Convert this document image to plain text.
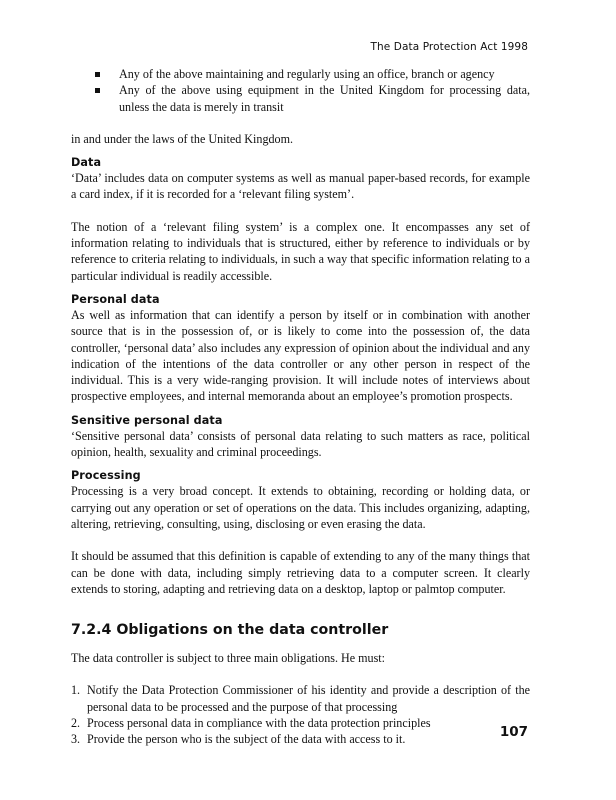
The Data Protection Act 1998
Any of the above maintaining and regularly using an office, branch or agency
Any of the above using equipment in the United Kingdom for processing data, unless the data is merely in transit

in and under the laws of the United Kingdom.

Data

‘Data’ includes data on computer systems as well as manual paper-based records, for example a card index, if it is recorded for a ‘relevant filing system’.

The notion of a ‘relevant filing system’ is a complex one. It encompasses any set of information relating to individuals that is structured, either by reference to individuals or by reference to criteria relating to individuals, in such a way that specific information relating to a particular individual is readily accessible.

Personal data

As well as information that can identify a person by itself or in combination with another source that is in the possession of, or is likely to come into the possession of, the data controller, ‘personal data’ also includes any expression of opinion about the individual and any indication of the intentions of the data controller or any other person in respect of the individual. This is a very wide-ranging provision. It will include notes of interviews about prospective employees, and internal memoranda about an employee’s promotion prospects.

Sensitive personal data

‘Sensitive personal data’ consists of personal data relating to such matters as race, political opinion, health, sexuality and criminal proceedings.

Processing

Processing is a very broad concept. It extends to obtaining, recording or holding data, or carrying out any operation or set of operations on the data. This includes organizing, adapting, altering, retrieving, consulting, using, disclosing or even erasing the data.

It should be assumed that this definition is capable of extending to any of the many things that can be done with data, including simply retrieving data to a computer screen. It clearly extends to storing, adapting and retrieving data on a desktop, laptop or palmtop computer.

7.2.4 Obligations on the data controller

The data controller is subject to three main obligations. He must:

1. Notify the Data Protection Commissioner of his identity and provide a description of the personal data to be processed and the purpose of that processing
2. Process personal data in compliance with the data protection principles
3. Provide the person who is the subject of the data with access to it.	107
